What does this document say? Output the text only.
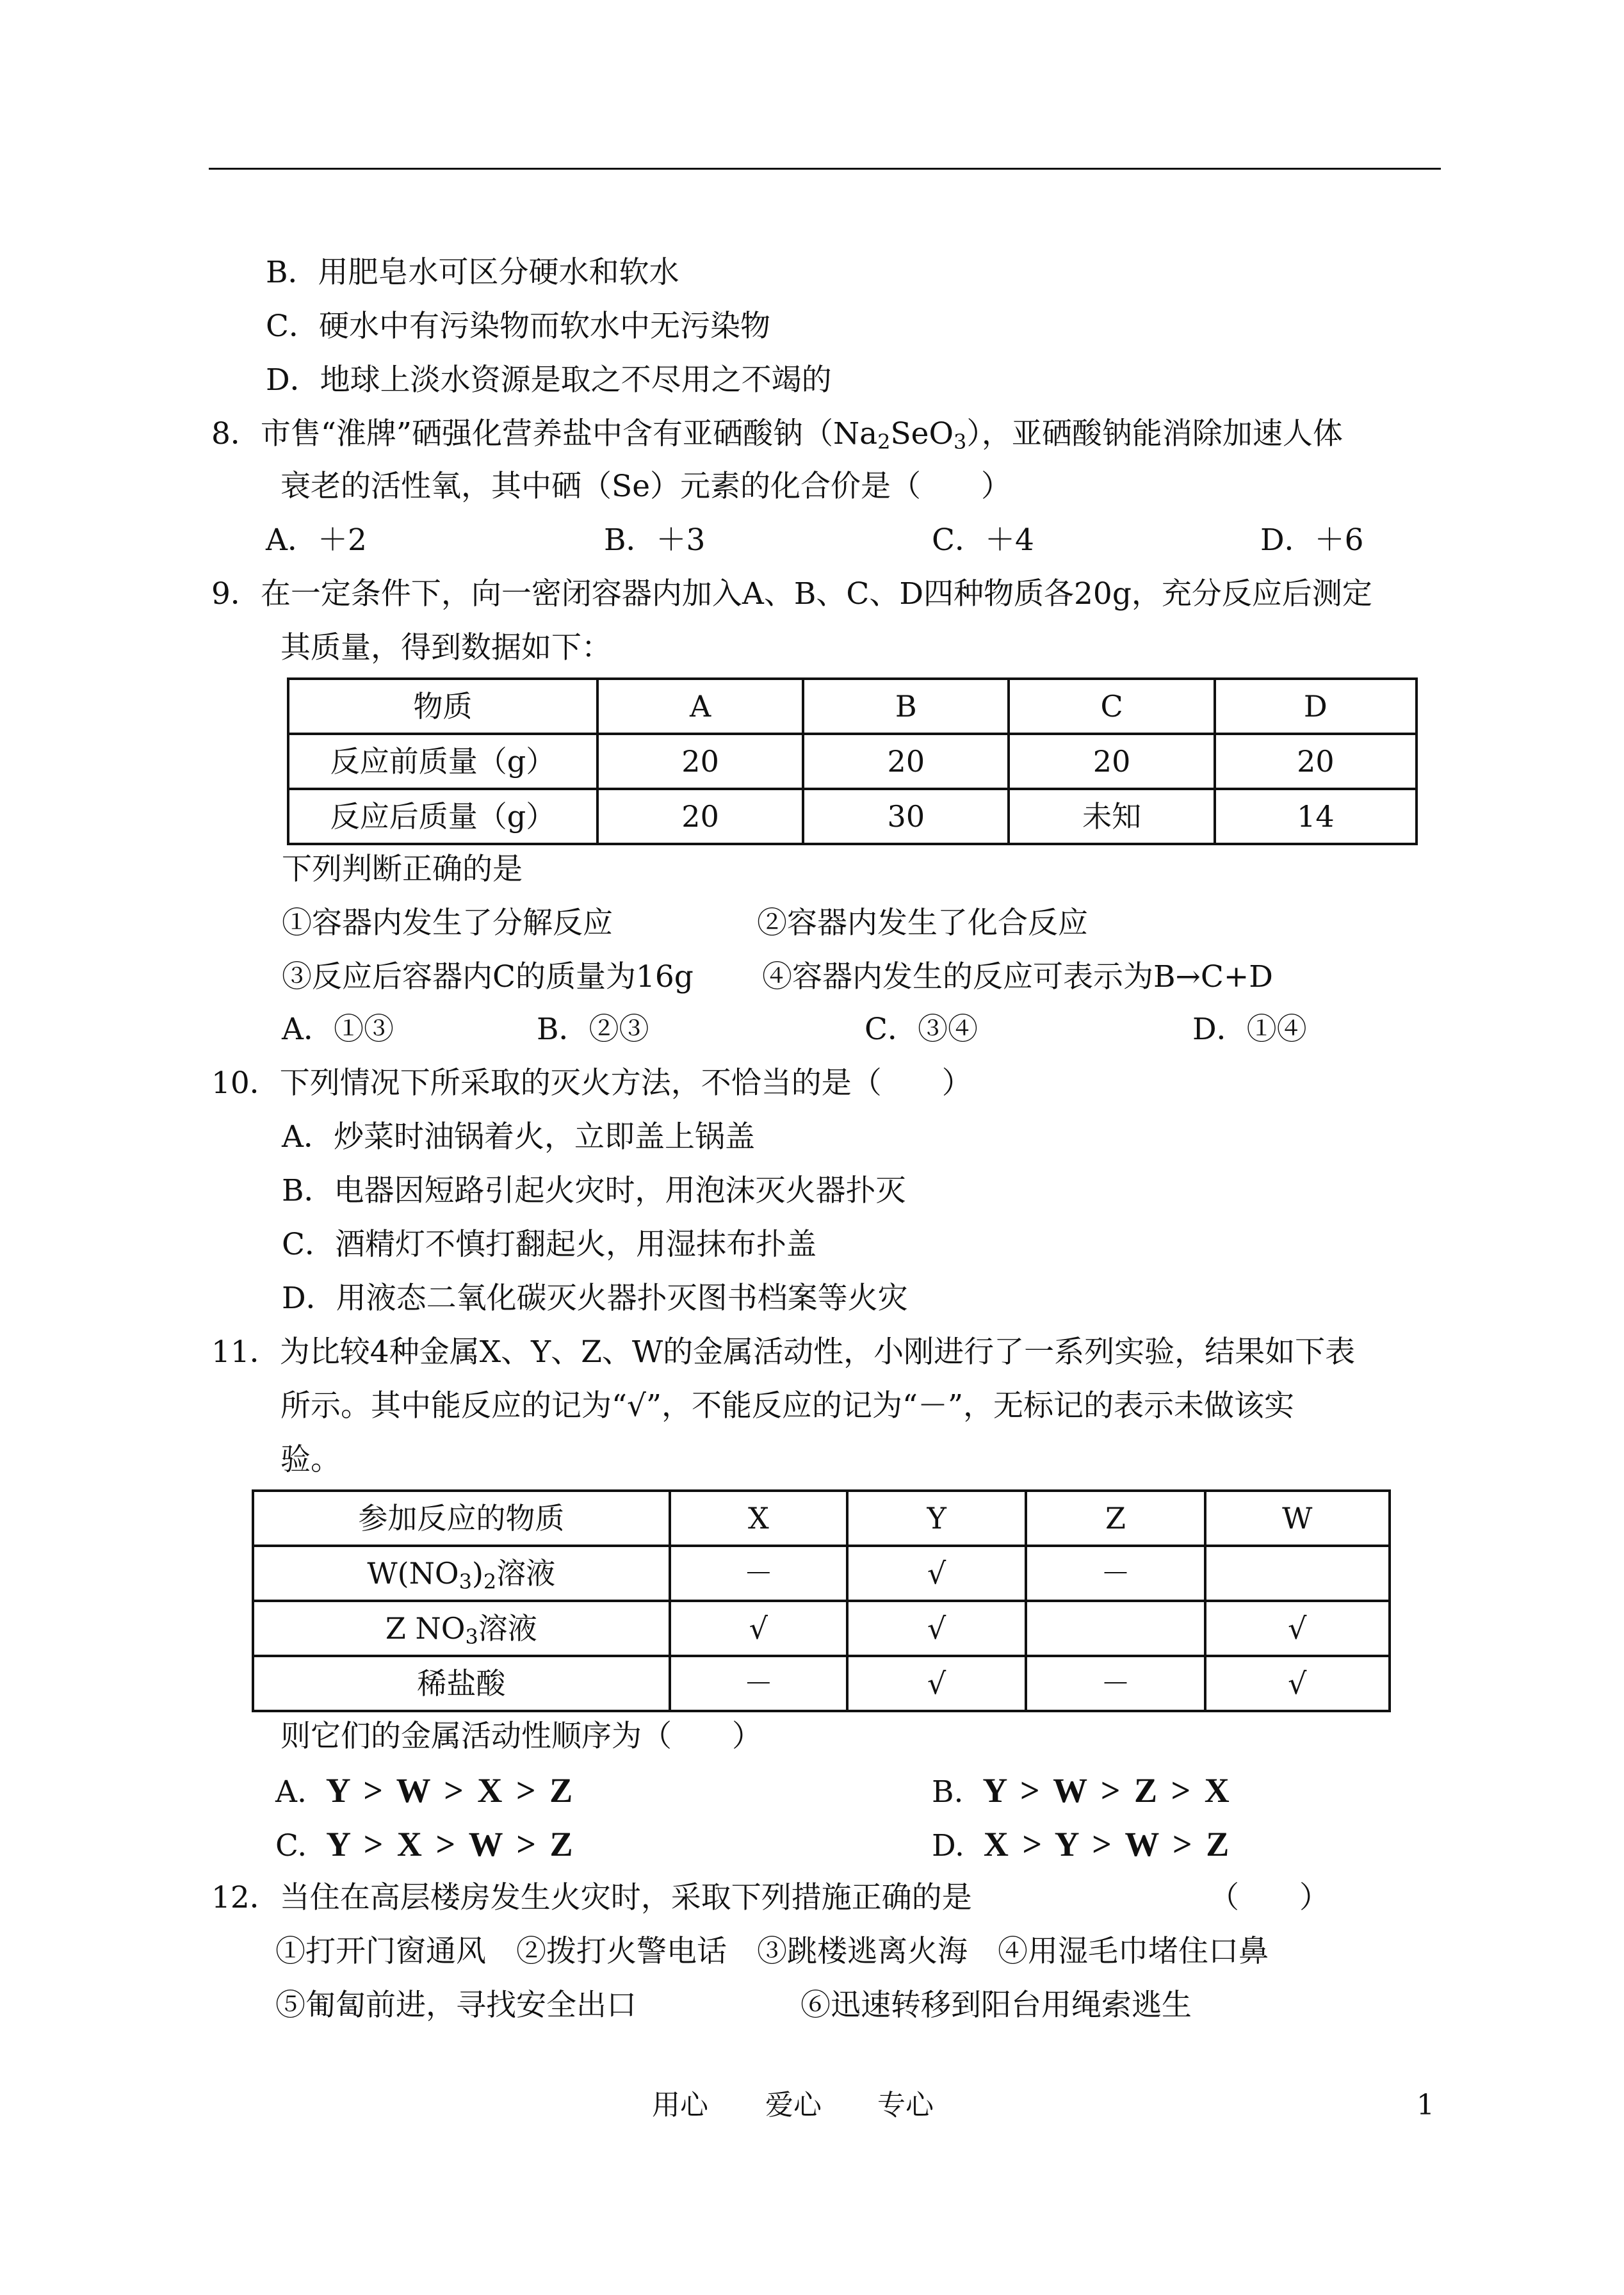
B．用肥皂水可区分硬水和软水
C．硬水中有污染物而软水中无污染物
D．地球上淡水资源是取之不尽用之不竭的
8．市售“淮牌”硒强化营养盐中含有亚硒酸钠$(Na_2SeO_3)$，亚硒酸钠能消除加速人体
衰老的活性氧，其中硒（Se）元素的化合价是（　　）
A．＋2	B．＋3	C．＋4	D．＋6
9．在一定条件下，向一密闭容器内加入A、B、C、D四种物质各20g，充分反应后测定
其质量，得到数据如下：
物质	A	B	C	D
反应前质量（g）	20	20	20	20
反应后质量（g）	20	30	未知	14
下列判断正确的是
①容器内发生了分解反应	②容器内发生了化合反应
③反应后容器内C的质量为16g ④容器内发生的反应可表示为B→C+D
A．①③	B．②③	C．③④	D．①④
10．下列情况下所采取的灭火方法，不恰当的是（　　）
A．炒菜时油锅着火，立即盖上锅盖
B．电器因短路引起火灾时，用泡沫灭火器扑灭
C．酒精灯不慎打翻起火，用湿抹布扑盖
D．用液态二氧化碳灭火器扑灭图书档案等火灾
11．为比较4种金属X、Y、Z、W的金属活动性，小刚进行了一系列实验，结果如下表
所示。其中能反应的记为“√”，不能反应的记为“－”，无标记的表示未做该实
验。
参加反应的物质	X	Y	Z	W
$W(NO_3)_2$溶液	－	√	－	
Z $NO_3$溶液	√	√		√
稀盐酸	－	√	－	√
则它们的金属活动性顺序为（　　）
A. Y > W > X > Z	B. Y > W > Z > X
C. Y > X > W > Z	D. X > Y > W > Z
12．当住在高层楼房发生火灾时，采取下列措施正确的是	（　　）
①打开门窗通风　②拨打火警电话　③跳楼逃离火海　④用湿毛巾堵住口鼻
⑤匍匐前进，寻找安全出口	⑥迅速转移到阳台用绳索逃生
用心 爱心 专心	1
